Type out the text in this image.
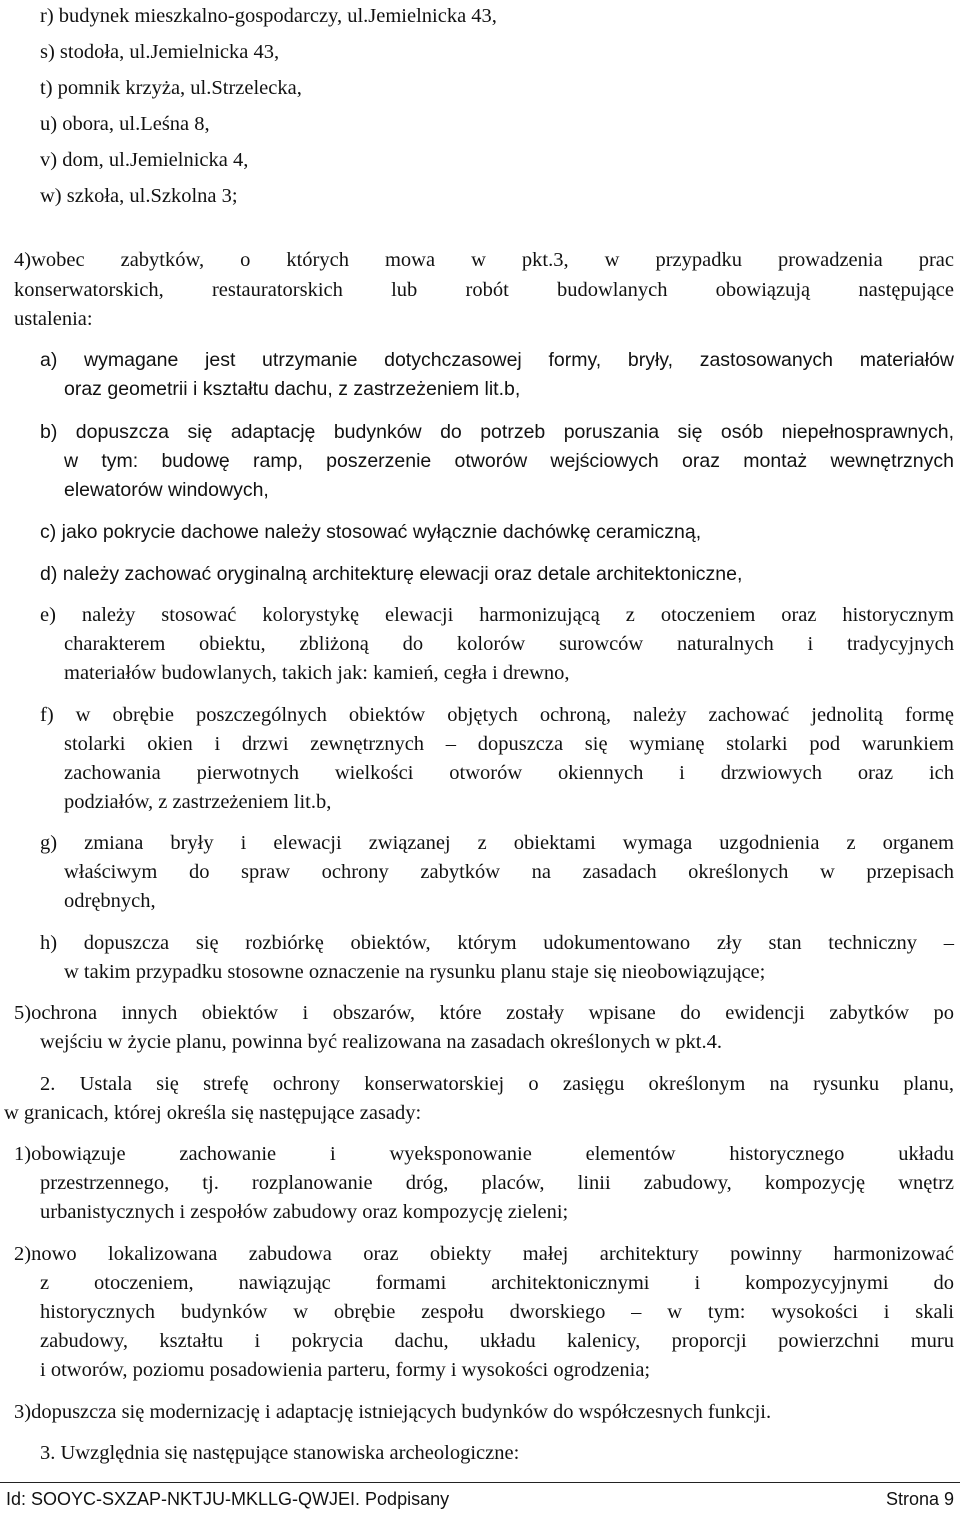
r) budynek mieszkalno-gospodarczy, ul.Jemielnicka 43,
s) stodoła, ul.Jemielnicka 43,
t) pomnik krzyża, ul.Strzelecka,
u) obora, ul.Leśna 8,
v) dom, ul.Jemielnicka 4,
w) szkoła, ul.Szkolna 3;
4)wobec zabytków, o których mowa w pkt.3, w przypadku prowadzenia prac
konserwatorskich, restauratorskich lub robót budowlanych obowiązują następujące
ustalenia:
a) wymagane jest utrzymanie dotychczasowej formy, bryły, zastosowanych materiałów
oraz geometrii i kształtu dachu, z zastrzeżeniem lit.b,
b) dopuszcza się adaptację budynków do potrzeb poruszania się osób niepełnosprawnych,
w tym: budowę ramp, poszerzenie otworów wejściowych oraz montaż wewnętrznych
elewatorów windowych,
c) jako pokrycie dachowe należy stosować wyłącznie dachówkę ceramiczną,
d) należy zachować oryginalną architekturę elewacji oraz detale architektoniczne,
e) należy stosować kolorystykę elewacji harmonizującą z otoczeniem oraz historycznym
charakterem obiektu, zbliżoną do kolorów surowców naturalnych i tradycyjnych
materiałów budowlanych, takich jak: kamień, cegła i drewno,
f) w obrębie poszczególnych obiektów objętych ochroną, należy zachować jednolitą formę
stolarki okien i drzwi zewnętrznych – dopuszcza się wymianę stolarki pod warunkiem
zachowania pierwotnych wielkości otworów okiennych i drzwiowych oraz ich
podziałów, z zastrzeżeniem lit.b,
g) zmiana bryły i elewacji związanej z obiektami wymaga uzgodnienia z organem
właściwym do spraw ochrony zabytków na zasadach określonych w przepisach
odrębnych,
h) dopuszcza się rozbiórkę obiektów, którym udokumentowano zły stan techniczny –
w takim przypadku stosowne oznaczenie na rysunku planu staje się nieobowiązujące;
5)ochrona innych obiektów i obszarów, które zostały wpisane do ewidencji zabytków po
wejściu w życie planu, powinna być realizowana na zasadach określonych w pkt.4.
2. Ustala się strefę ochrony konserwatorskiej o zasięgu określonym na rysunku planu,
w granicach, której określa się następujące zasady:
1)obowiązuje zachowanie i wyeksponowanie elementów historycznego układu
przestrzennego, tj. rozplanowanie dróg, placów, linii zabudowy, kompozycję wnętrz
urbanistycznych i zespołów zabudowy oraz kompozycję zieleni;
2)nowo lokalizowana zabudowa oraz obiekty małej architektury powinny harmonizować
z otoczeniem, nawiązując formami architektonicznymi i kompozycyjnymi do
historycznych budynków w obrębie zespołu dworskiego – w tym: wysokości i skali
zabudowy, kształtu i pokrycia dachu, układu kalenicy, proporcji powierzchni muru
i otworów, poziomu posadowienia parteru, formy i wysokości ogrodzenia;
3)dopuszcza się modernizację i adaptację istniejących budynków do współczesnych funkcji.
3. Uwzględnia się następujące stanowiska archeologiczne:
Id: SOOYC-SXZAP-NKTJU-MKLLG-QWJEI. Podpisany	Strona 9
